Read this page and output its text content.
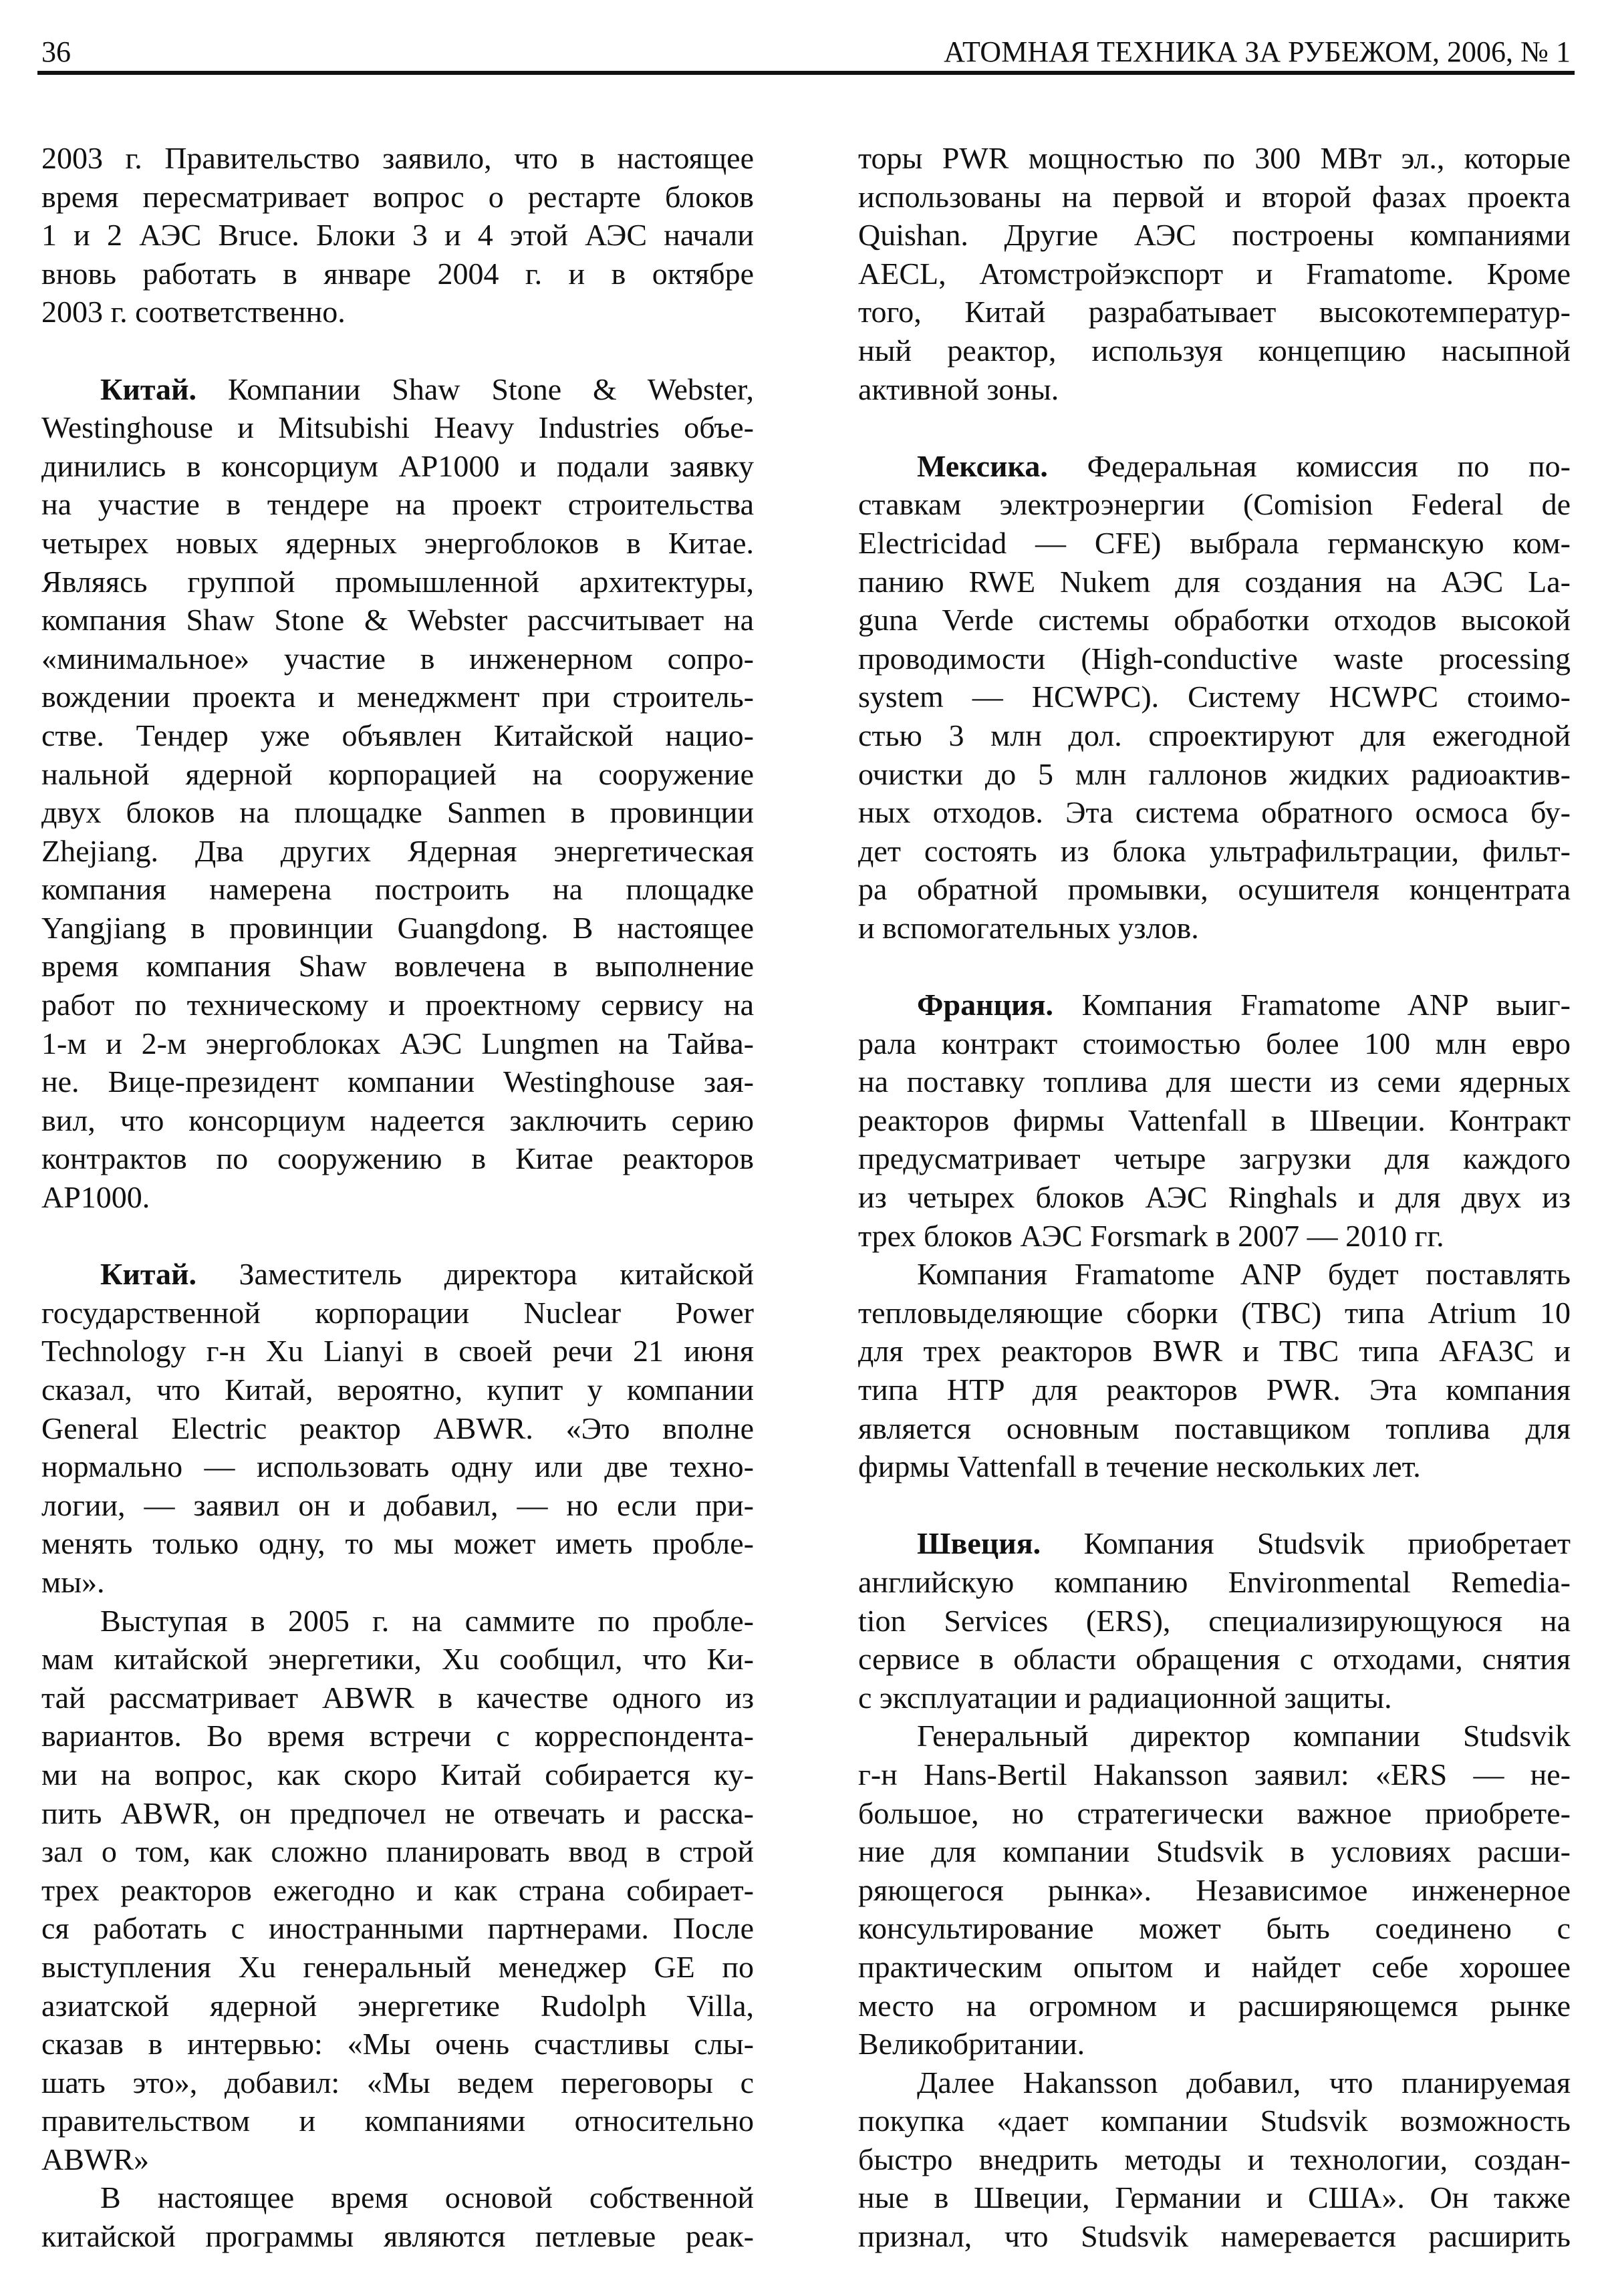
36	АТОМНАЯ ТЕХНИКА ЗА РУБЕЖОМ, 2006, № 1
2003 г. Правительство заявило, что в настоящее
время пересматривает вопрос о рестарте блоков
1 и 2 АЭС Bruce. Блоки 3 и 4 этой АЭС начали
вновь работать в январе 2004 г. и в октябре
2003 г. соответственно.
Китай. Компании Shaw Stone & Webster,
Westinghouse и Mitsubishi Heavy Industries объе-
динились в консорциум AP1000 и подали заявку
на участие в тендере на проект строительства
четырех новых ядерных энергоблоков в Китае.
Являясь группой промышленной архитектуры,
компания Shaw Stone & Webster рассчитывает на
«минимальное» участие в инженерном сопро-
вождении проекта и менеджмент при строитель-
стве. Тендер уже объявлен Китайской нацио-
нальной ядерной корпорацией на сооружение
двух блоков на площадке Sanmen в провинции
Zhejiang. Два других Ядерная энергетическая
компания намерена построить на площадке
Yangjiang в провинции Guangdong. В настоящее
время компания Shaw вовлечена в выполнение
работ по техническому и проектному сервису на
1-м и 2-м энергоблоках АЭС Lungmen на Тайва-
не. Вице-президент компании Westinghouse зая-
вил, что консорциум надеется заключить серию
контрактов по сооружению в Китае реакторов
AP1000.
Китай. Заместитель директора китайской
государственной корпорации Nuclear Power
Technology г-н Xu Lianyi в своей речи 21 июня
сказал, что Китай, вероятно, купит у компании
General Electric реактор ABWR. «Это вполне
нормально — использовать одну или две техно-
логии, — заявил он и добавил, — но если при-
менять только одну, то мы может иметь пробле-
мы».
Выступая в 2005 г. на саммите по пробле-
мам китайской энергетики, Xu сообщил, что Ки-
тай рассматривает ABWR в качестве одного из
вариантов. Во время встречи с корреспондента-
ми на вопрос, как скоро Китай собирается ку-
пить ABWR, он предпочел не отвечать и расска-
зал о том, как сложно планировать ввод в строй
трех реакторов ежегодно и как страна собирает-
ся работать с иностранными партнерами. После
выступления Xu генеральный менеджер GE по
азиатской ядерной энергетике Rudolph Villa,
сказав в интервью: «Мы очень счастливы слы-
шать это», добавил: «Мы ведем переговоры с
правительством и компаниями относительно
ABWR»
В настоящее время основой собственной
китайской программы являются петлевые реак-
торы PWR мощностью по 300 МВт эл., которые
использованы на первой и второй фазах проекта
Quishan. Другие АЭС построены компаниями
AECL, Атомстройэкспорт и Framatome. Кроме
того, Китай разрабатывает высокотемператур-
ный реактор, используя концепцию насыпной
активной зоны.
Мексика. Федеральная комиссия по по-
ставкам электроэнергии (Comision Federal de
Electricidad — CFE) выбрала германскую ком-
панию RWE Nukem для создания на АЭС La-
guna Verde системы обработки отходов высокой
проводимости (High-conductive waste processing
system — HCWPC). Систему HCWPC стоимо-
стью 3 млн дол. спроектируют для ежегодной
очистки до 5 млн галлонов жидких радиоактив-
ных отходов. Эта система обратного осмоса бу-
дет состоять из блока ультрафильтрации, фильт-
ра обратной промывки, осушителя концентрата
и вспомогательных узлов.
Франция. Компания Framatome ANP выиг-
рала контракт стоимостью более 100 млн евро
на поставку топлива для шести из семи ядерных
реакторов фирмы Vattenfall в Швеции. Контракт
предусматривает четыре загрузки для каждого
из четырех блоков АЭС Ringhals и для двух из
трех блоков АЭС Forsmark в 2007 — 2010 гг.
Компания Framatome ANP будет поставлять
тепловыделяющие сборки (ТВС) типа Atrium 10
для трех реакторов BWR и ТВС типа AFA3C и
типа HTP для реакторов PWR. Эта компания
является основным поставщиком топлива для
фирмы Vattenfall в течение нескольких лет.
Швеция. Компания Studsvik приобретает
английскую компанию Environmental Remedia-
tion Services (ERS), специализирующуюся на
сервисе в области обращения с отходами, снятия
с эксплуатации и радиационной защиты.
Генеральный директор компании Studsvik
г-н Hans-Bertil Hakansson заявил: «ERS — не-
большое, но стратегически важное приобрете-
ние для компании Studsvik в условиях расши-
ряющегося рынка». Независимое инженерное
консультирование может быть соединено с
практическим опытом и найдет себе хорошее
место на огромном и расширяющемся рынке
Великобритании.
Далее Hakansson добавил, что планируемая
покупка «дает компании Studsvik возможность
быстро внедрить методы и технологии, создан-
ные в Швеции, Германии и США». Он также
признал, что Studsvik намеревается расширить
